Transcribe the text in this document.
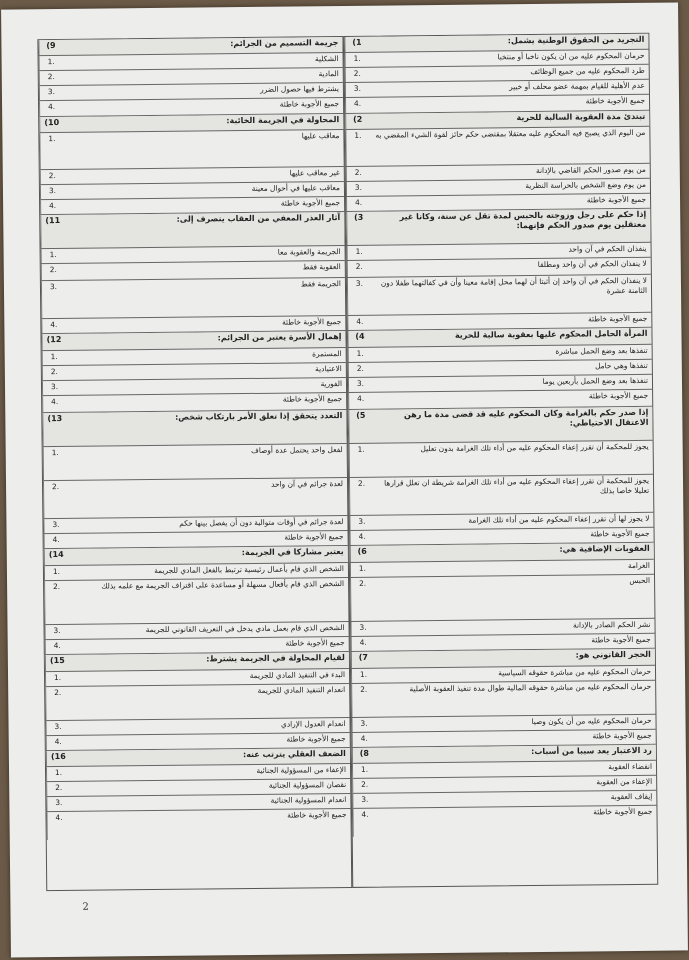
1)	التجريد من الحقوق الوطنية يشمل:
.1	حرمان المحكوم عليه من ان يكون ناخبا أو منتخبا
.2	طرد المحكوم عليه من جميع الوظائف
.3	عدم الأهلية للقيام بمهمة عضو محلف أو خبير
.4	جميع الأجوبة خاطئة
2)	تبتدئ مدة العقوبة السالبة للحرية
.1	من اليوم الذي يصبح فيه المحكوم عليه معتقلا بمقتضى حكم حائز لقوة الشيء المقضي به
.2	من يوم صدور الحكم القاضي بالإدانة
.3	من يوم وضع الشخص بالحراسة النظرية
.4	جميع الأجوبة خاطئة
3)	إذا حكم على رجل وزوجته بالحبس لمدة تقل عن سنة، وكانا غير معتقلين يوم صدور الحكم فإنهما:
.1	ينفذان الحكم في آن واحد
.2	لا ينفذان الحكم في آن واحد ومطلقا
.3	لا ينفذان الحكم في آن واحد إن أثبتا أن لهما محل إقامة معينا وأن في كفالتهما طفلا دون الثامنة عشرة
.4	جميع الأجوبة خاطئة
4)	المرأة الحامل المحكوم عليها بعقوبة سالبة للحرية
.1	تنفذها بعد وضع الحمل مباشرة
.2	تنفذها وهي حامل
.3	تنفذها بعد وضع الحمل بأربعين يوما
.4	جميع الأجوبة خاطئة
5)	إذا صدر حكم بالغرامة وكان المحكوم عليه قد قضى مدة ما رهن الاعتقال الاحتياطي:
.1	يجوز للمحكمة أن تقرر إعفاء المحكوم عليه من أداء تلك الغرامة بدون تعليل
.2	يجوز للمحكمة أن تقرر إعفاء المحكوم عليه من أداء تلك الغرامة شريطة ان تعلل قرارها تعليلا خاصا بذلك
.3	لا يجوز لها أن تقرر إعفاء المحكوم عليه من أداء تلك الغرامة
.4	جميع الأجوبة خاطئة
6)	العقوبات الإضافية هي:
.1	الغرامة
.2	الحبس
.3	نشر الحكم الصادر بالإدانة
.4	جميع الأجوبة خاطئة
7)	الحجر القانوني هو:
.1	حرمان المحكوم عليه من مباشرة حقوقه السياسية
.2	حرمان المحكوم عليه من مباشرة حقوقه المالية طوال مدة تنفيذ العقوبة الأصلية
.3	حرمان المحكوم عليه من أن يكون وصيا
.4	جميع الأجوبة خاطئة
8)	رد الاعتبار يعد سببا من أسباب:
.1	انقضاء العقوبة
.2	الإعفاء من العقوبة
.3	إيقاف العقوبة
.4	جميع الأجوبة خاطئة
9)	جريمة التسميم من الجرائم:
.1	الشكلية
.2	المادية
.3	يشترط فيها حصول الضرر
.4	جميع الأجوبة خاطئة
10)	المحاولة في الجريمة الخائبة:
.1	معاقب عليها
.2	غير معاقب عليها
.3	معاقب عليها في أحوال معينة
.4	جميع الأجوبة خاطئة
11)	آثار العذر المعفي من العقاب ينصرف إلى:
.1	الجريمة والعقوبة معا
.2	العقوبة فقط
.3	الجريمة فقط
.4	جميع الأجوبة خاطئة
12)	إهمال الأسرة يعتبر من الجرائم:
.1	المستمرة
.2	الاعتيادية
.3	الفورية
.4	جميع الأجوبة خاطئة
13)	التعدد يتحقق إذا تعلق الأمر بارتكاب شخص:
.1	لفعل واحد يحتمل عدة أوصاف
.2	لعدة جرائم في آن واحد
.3	لعدة جرائم في أوقات متوالية دون أن يفصل بينها حكم
.4	جميع الأجوبة خاطئة
14)	يعتبر مشاركا في الجريمة:
.1	الشخص الذي قام بأعمال رئيسية ترتبط بالفعل المادي للجريمة
.2	الشخص الذي قام بأفعال مسهلة أو مساعدة على اقتراف الجريمة مع علمه بذلك
.3	الشخص الذي قام بعمل مادي يدخل في التعريف القانوني للجريمة
.4	جميع الأجوبة خاطئة
15)	لقيام المحاولة في الجريمة يشترط:
.1	البدء في التنفيذ المادي للجريمة
.2	انعدام التنفيذ المادي للجريمة
.3	انعدام العدول الإرادي
.4	جميع الأجوبة خاطئة
16)	الضعف العقلي يترتب عنه:
.1	الإعفاء من المسؤولية الجنائية
.2	نقصان المسؤولية الجنائية
.3	انعدام المسؤولية الجنائية
.4	جميع الأجوبة خاطئة
2
